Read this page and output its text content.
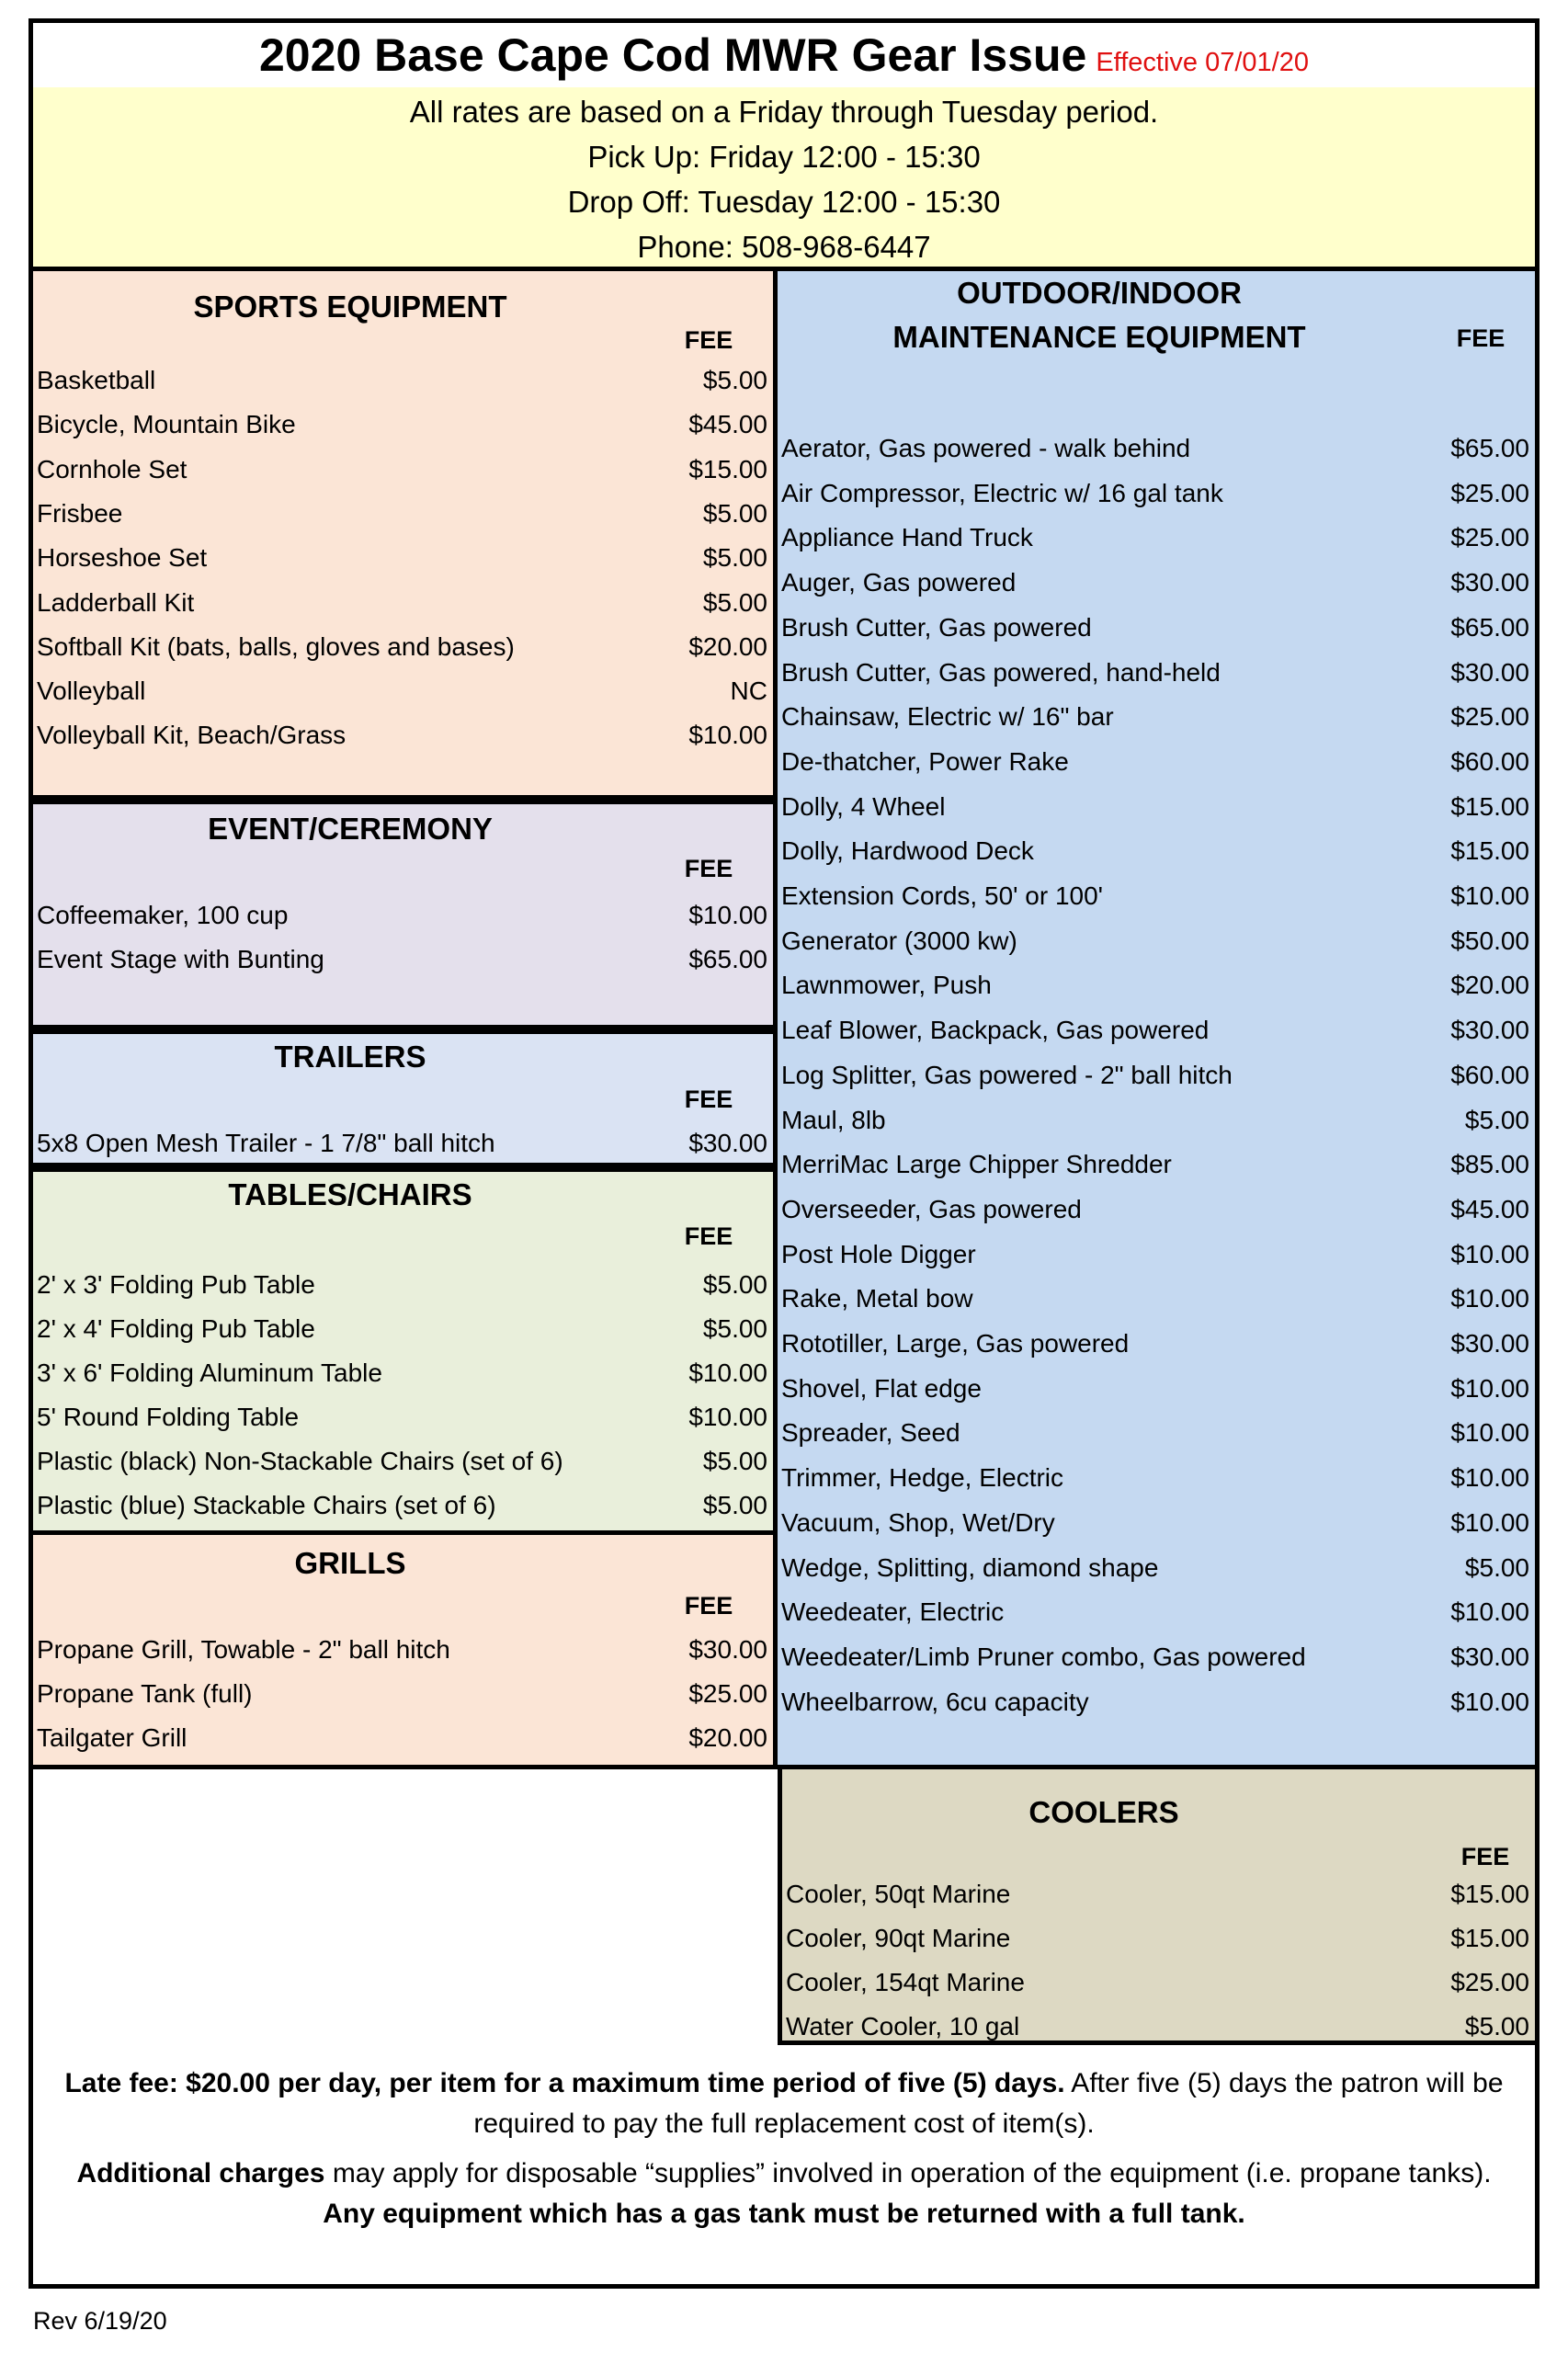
2020 Base Cape Cod MWR Gear Issue Effective 07/01/20
All rates are based on a Friday through Tuesday period.
Pick Up: Friday 12:00 - 15:30
Drop Off: Tuesday 12:00 - 15:30
Phone: 508-968-6447
SPORTS EQUIPMENT
FEE
Basketball	$5.00
Bicycle, Mountain Bike	$45.00
Cornhole Set	$15.00
Frisbee	$5.00
Horseshoe Set	$5.00
Ladderball Kit	$5.00
Softball Kit (bats, balls, gloves and bases)	$20.00
Volleyball	NC
Volleyball Kit, Beach/Grass	$10.00
EVENT/CEREMONY
FEE
Coffeemaker, 100 cup	$10.00
Event Stage with Bunting	$65.00
TRAILERS
FEE
5x8 Open Mesh Trailer - 1 7/8" ball hitch	$30.00
TABLES/CHAIRS
FEE
2' x 3' Folding Pub Table	$5.00
2' x 4' Folding Pub Table	$5.00
3' x 6' Folding Aluminum Table	$10.00
5' Round Folding Table	$10.00
Plastic (black) Non-Stackable Chairs (set of 6)	$5.00
Plastic (blue) Stackable Chairs (set of 6)	$5.00
GRILLS
FEE
Propane Grill, Towable - 2" ball hitch	$30.00
Propane Tank (full)	$25.00
Tailgater Grill	$20.00
OUTDOOR/INDOOR
MAINTENANCE EQUIPMENT	FEE
Aerator, Gas powered - walk behind	$65.00
Air Compressor, Electric w/ 16 gal tank	$25.00
Appliance Hand Truck	$25.00
Auger, Gas powered	$30.00
Brush Cutter, Gas powered	$65.00
Brush Cutter, Gas powered, hand-held	$30.00
Chainsaw, Electric w/ 16" bar	$25.00
De-thatcher, Power Rake	$60.00
Dolly, 4 Wheel	$15.00
Dolly, Hardwood Deck	$15.00
Extension Cords, 50' or 100'	$10.00
Generator (3000 kw)	$50.00
Lawnmower, Push	$20.00
Leaf Blower, Backpack, Gas powered	$30.00
Log Splitter, Gas powered - 2" ball hitch	$60.00
Maul, 8lb	$5.00
MerriMac Large Chipper Shredder	$85.00
Overseeder, Gas powered	$45.00
Post Hole Digger	$10.00
Rake, Metal bow	$10.00
Rototiller, Large, Gas powered	$30.00
Shovel, Flat edge	$10.00
Spreader, Seed	$10.00
Trimmer, Hedge, Electric	$10.00
Vacuum, Shop, Wet/Dry	$10.00
Wedge, Splitting, diamond shape	$5.00
Weedeater, Electric	$10.00
Weedeater/Limb Pruner combo, Gas powered	$30.00
Wheelbarrow, 6cu capacity	$10.00
COOLERS
FEE
Cooler, 50qt Marine	$15.00
Cooler, 90qt Marine	$15.00
Cooler, 154qt Marine	$25.00
Water Cooler, 10 gal	$5.00

Late fee: $20.00 per day, per item for a maximum time period of five (5) days. After five (5) days the patron will be required to pay the full replacement cost of item(s).

Additional charges may apply for disposable “supplies” involved in operation of the equipment (i.e. propane tanks). Any equipment which has a gas tank must be returned with a full tank.

Rev 6/19/20
